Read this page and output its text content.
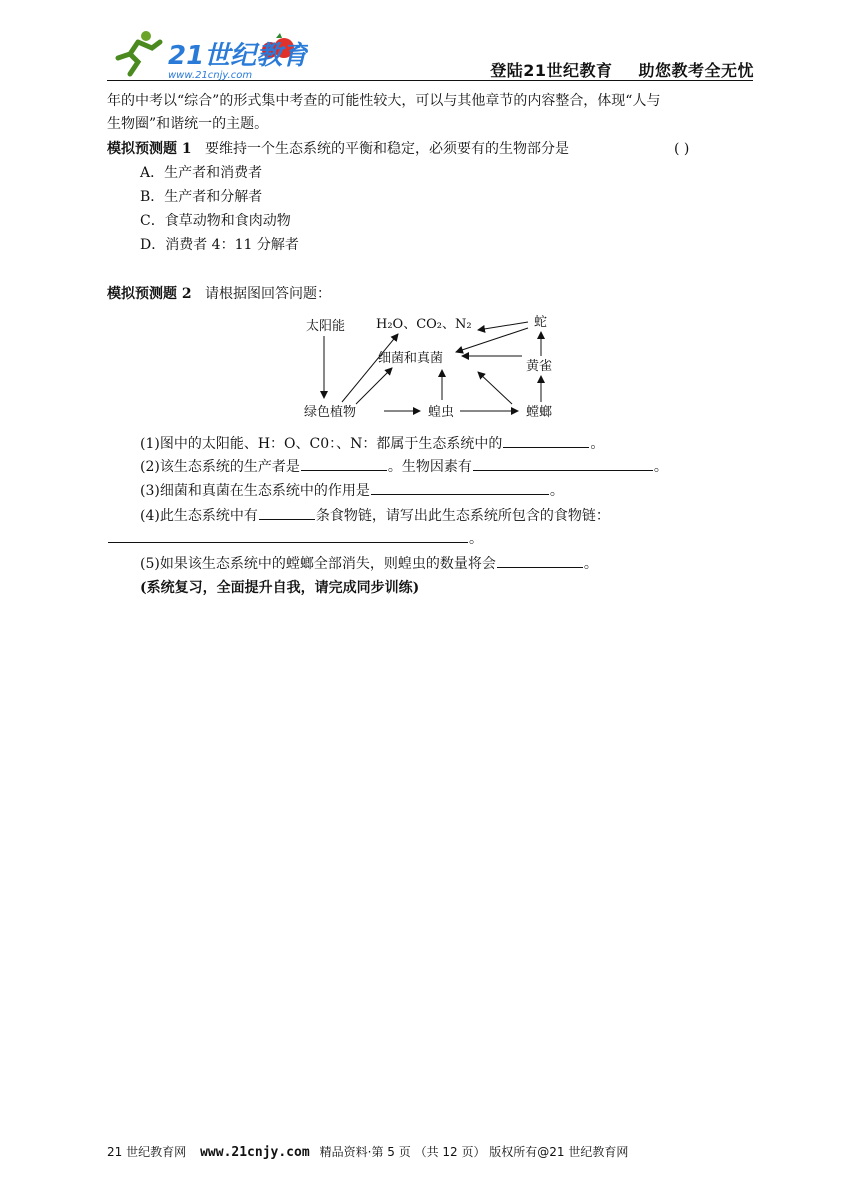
21世纪教育
www.21cnjy.com	登陆21世纪教育 助您教考全无忧
年的中考以“综合”的形式集中考查的可能性较大，可以与其他章节的内容整合，体现“人与
生物圈”和谐统一的主题。
模拟预测题 1 要维持一个生态系统的平衡和稳定，必须要有的生物部分是	( )
A．生产者和消费者
B．生产者和分解者
C．食草动物和食肉动物
D．消费者 4：11 分解者
模拟预测题 2 请根据图回答问题：
太阳能 H₂O、CO₂、N₂	蛇
细菌和真菌
黄雀
绿色植物	蝗虫	螳螂
(1)图中的太阳能、H：O、C0：、N：都属于生态系统中的	。
(2)该生态系统的生产者是	。生物因素有	。
(3)细菌和真菌在生态系统中的作用是	。
(4)此生态系统中有	条食物链，请写出此生态系统所包含的食物链：
。
(5)如果该生态系统中的螳螂全部消失，则蝗虫的数量将会	。
(系统复习，全面提升自我，请完成同步训练)
21 世纪教育网 www.21cnjy.com 精品资料·第 5 页 （共 12 页） 版权所有@21 世纪教育网
